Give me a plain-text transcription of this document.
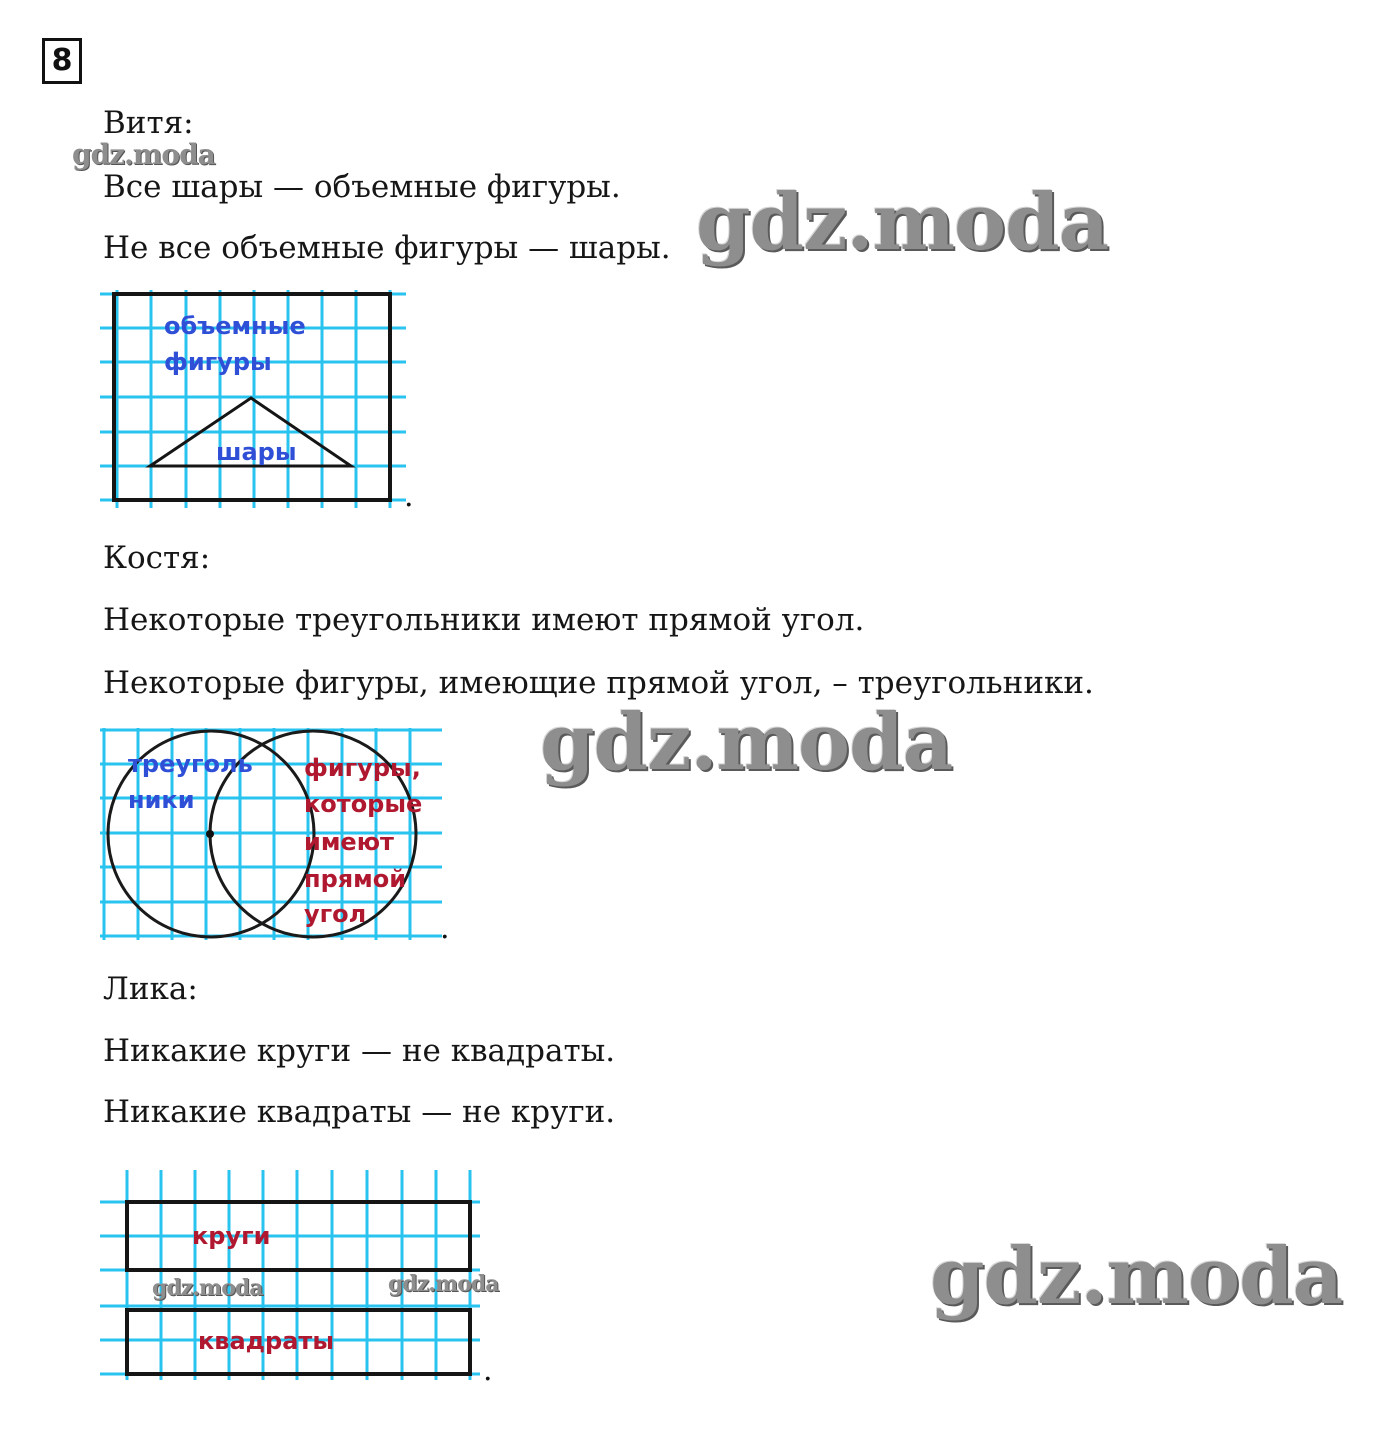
8
Витя:
Все шары — объемные фигуры.
Не все объемные фигуры — шары.
объемные
фигуры
шары
.
Костя:
Некоторые треугольники имеют прямой угол.
Некоторые фигуры, имеющие прямой угол, – треугольники.
треуголь
ники
фигуры,
которые
имеют
прямой
угол .
Лика:
Никакие круги — не квадраты.
Никакие квадраты — не круги.
круги
квадраты
gdz.moda	gdz.moda
.
gdz.moda
gdz.moda
gdz.moda
gdz.moda
